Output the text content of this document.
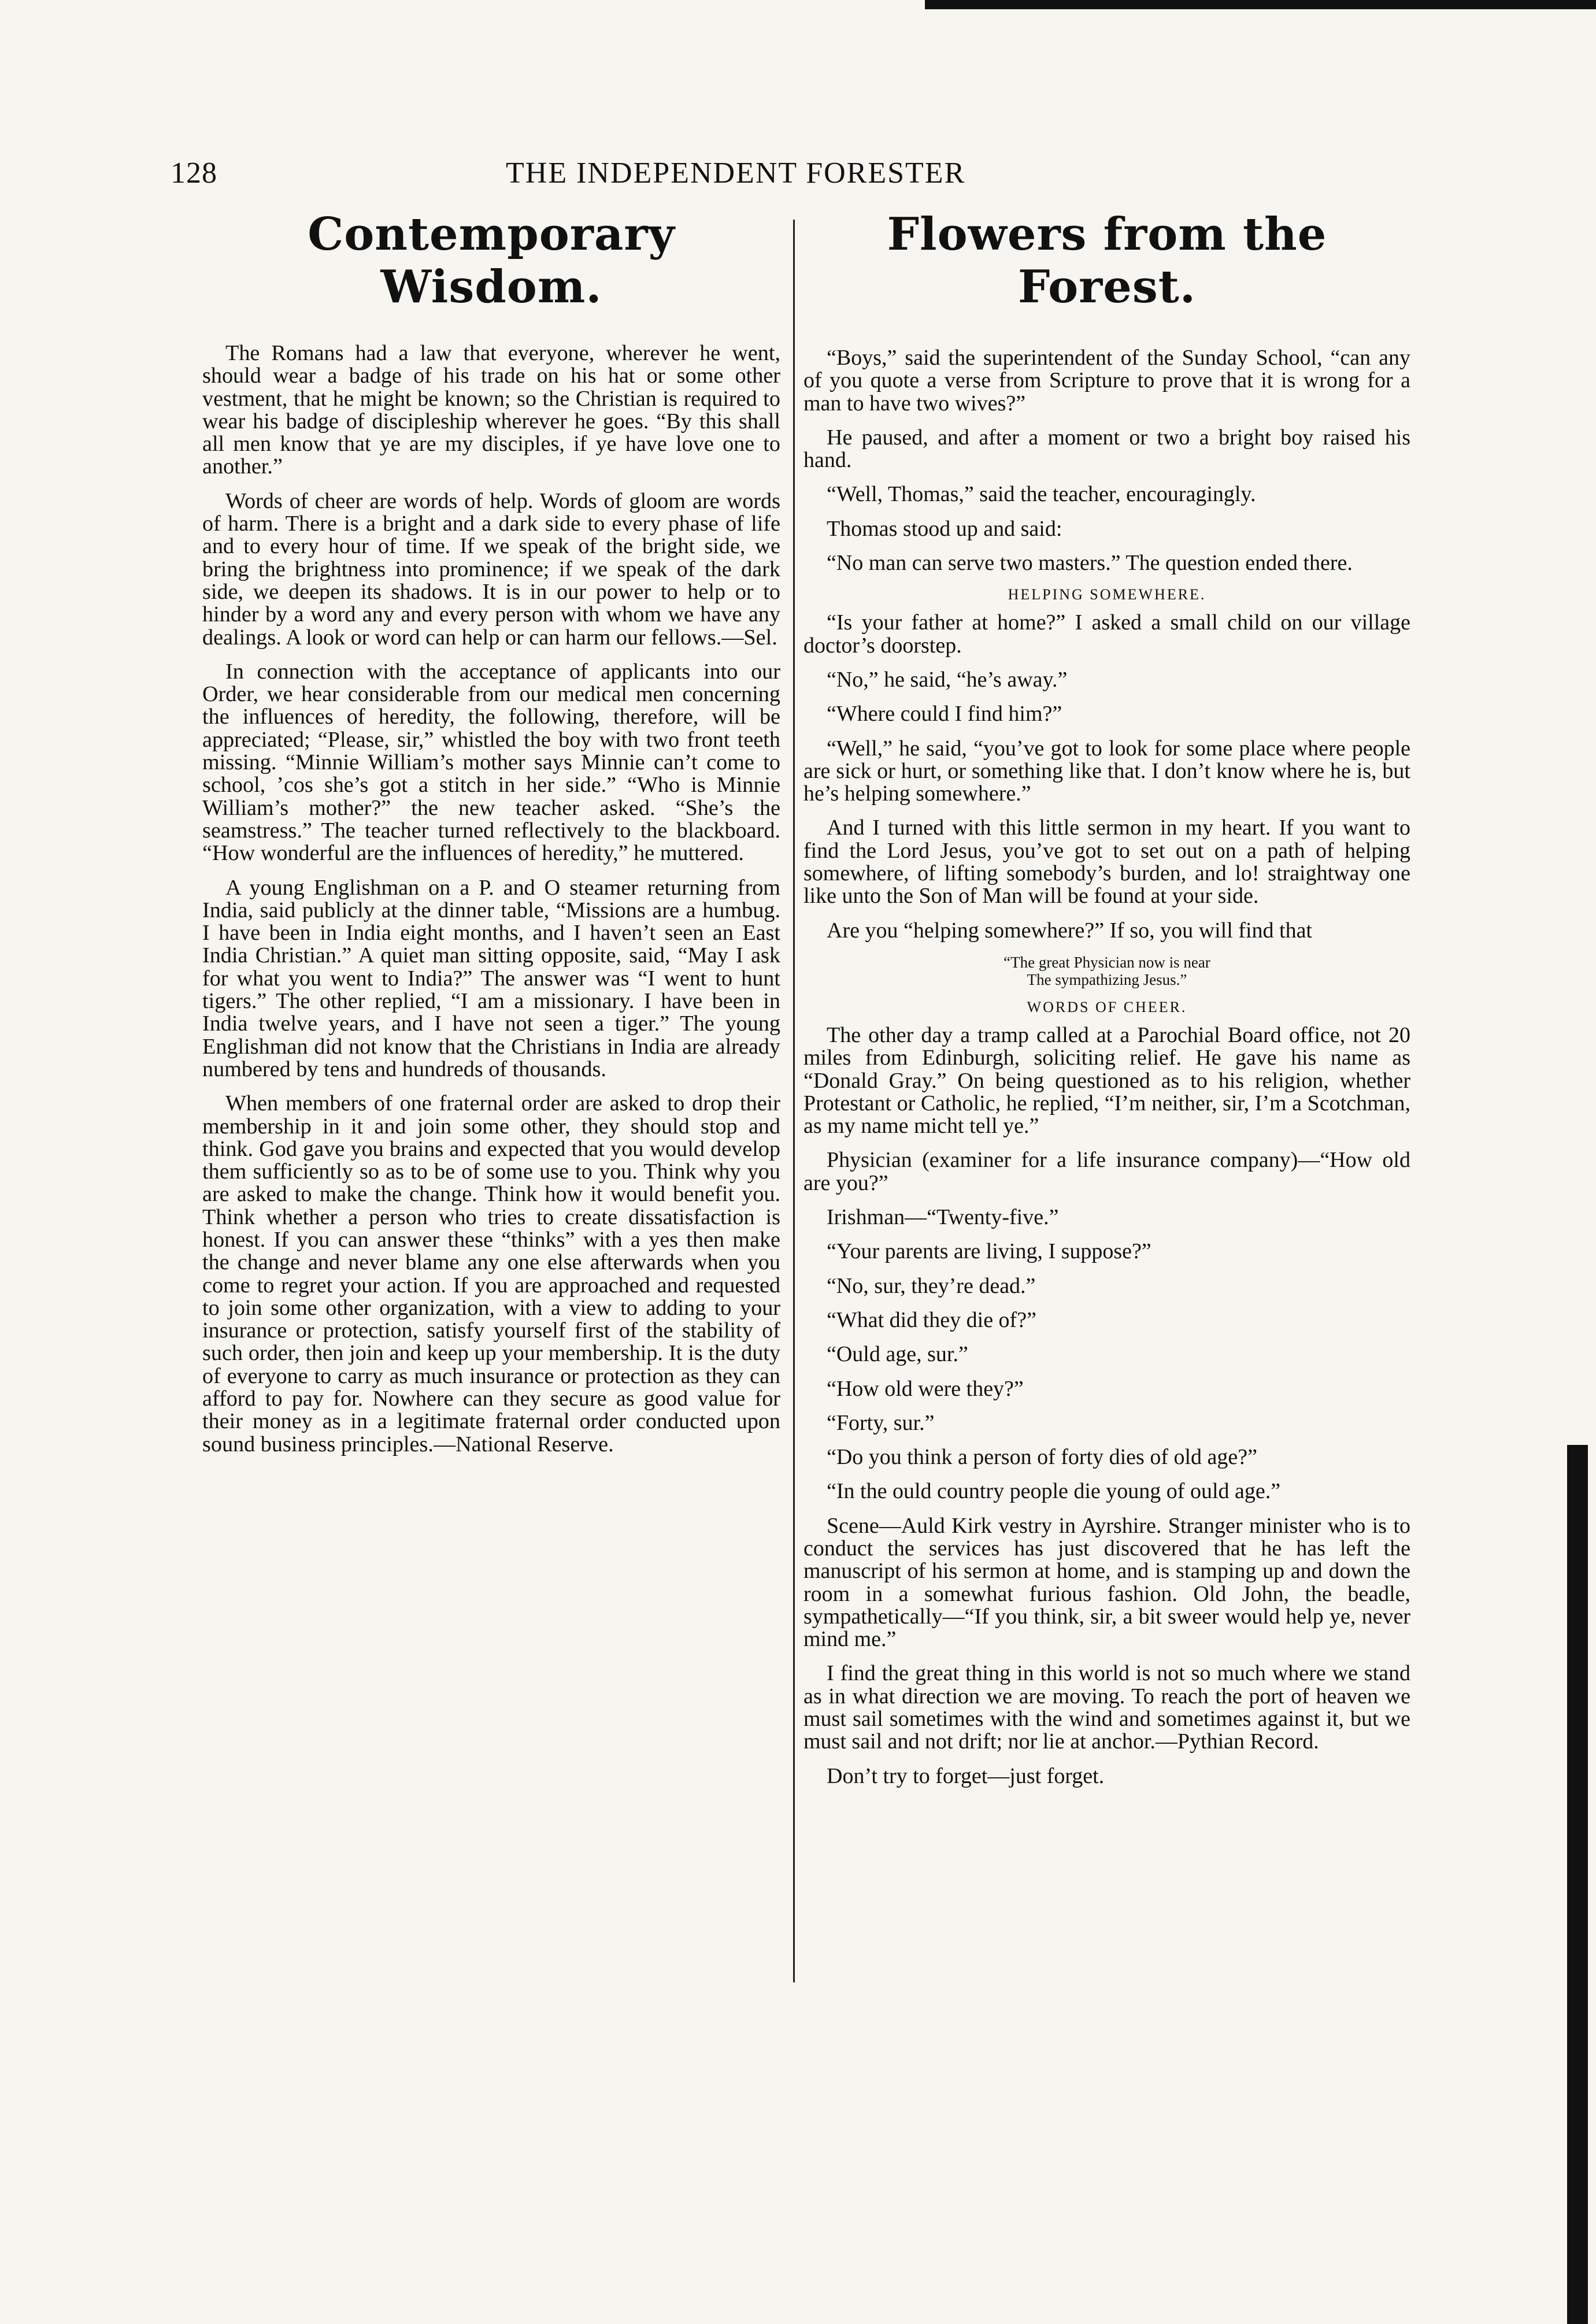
128	THE INDEPENDENT FORESTER
Contemporary Wisdom.

The Romans had a law that everyone, wherever he went, should wear a badge of his trade on his hat or some other vestment, that he might be known; so the Christian is required to wear his badge of discipleship wherever he goes. “By this shall all men know that ye are my disciples, if ye have love one to another.”

Words of cheer are words of help. Words of gloom are words of harm. There is a bright and a dark side to every phase of life and to every hour of time. If we speak of the bright side, we bring the brightness into prominence; if we speak of the dark side, we deepen its shadows. It is in our power to help or to hinder by a word any and every person with whom we have any dealings. A look or word can help or can harm our fellows.—Sel.

In connection with the acceptance of applicants into our Order, we hear considerable from our medical men concerning the influences of heredity, the following, therefore, will be appreciated; “Please, sir,” whistled the boy with two front teeth missing. “Minnie William’s mother says Minnie can’t come to school, ’cos she’s got a stitch in her side.” “Who is Minnie William’s mother?” the new teacher asked. “She’s the seamstress.” The teacher turned reflectively to the blackboard. “How wonderful are the influences of heredity,” he muttered.

A young Englishman on a P. and O steamer returning from India, said publicly at the dinner table, “Missions are a humbug. I have been in India eight months, and I haven’t seen an East India Christian.” A quiet man sitting opposite, said, “May I ask for what you went to India?” The answer was “I went to hunt tigers.” The other replied, “I am a missionary. I have been in India twelve years, and I have not seen a tiger.” The young Englishman did not know that the Christians in India are already numbered by tens and hundreds of thousands.

When members of one fraternal order are asked to drop their membership in it and join some other, they should stop and think. God gave you brains and expected that you would develop them sufficiently so as to be of some use to you. Think why you are asked to make the change. Think how it would benefit you. Think whether a person who tries to create dissatisfaction is honest. If you can answer these “thinks” with a yes then make the change and never blame any one else afterwards when you come to regret your action. If you are approached and requested to join some other organization, with a view to adding to your insurance or protection, satisfy yourself first of the stability of such order, then join and keep up your membership. It is the duty of everyone to carry as much insurance or protection as they can afford to pay for. Nowhere can they secure as good value for their money as in a legitimate fraternal order conducted upon sound business principles.—National Reserve.

Flowers from the Forest.

“Boys,” said the superintendent of the Sunday School, “can any of you quote a verse from Scripture to prove that it is wrong for a man to have two wives?”

He paused, and after a moment or two a bright boy raised his hand.

“Well, Thomas,” said the teacher, encouragingly.

Thomas stood up and said:

“No man can serve two masters.” The question ended there.

HELPING SOMEWHERE.

“Is your father at home?” I asked a small child on our village doctor’s doorstep.

“No,” he said, “he’s away.”

“Where could I find him?”

“Well,” he said, “you’ve got to look for some place where people are sick or hurt, or something like that. I don’t know where he is, but he’s helping somewhere.”

And I turned with this little sermon in my heart. If you want to find the Lord Jesus, you’ve got to set out on a path of helping somewhere, of lifting somebody’s burden, and lo! straightway one like unto the Son of Man will be found at your side.

Are you “helping somewhere?” If so, you will find that

“The great Physician now is near
The sympathizing Jesus.”

WORDS OF CHEER.

The other day a tramp called at a Parochial Board office, not 20 miles from Edinburgh, soliciting relief. He gave his name as “Donald Gray.” On being questioned as to his religion, whether Protestant or Catholic, he replied, “I’m neither, sir, I’m a Scotchman, as my name micht tell ye.”

Physician (examiner for a life insurance company)—“How old are you?”

Irishman—“Twenty-five.”

“Your parents are living, I suppose?”

“No, sur, they’re dead.”

“What did they die of?”

“Ould age, sur.”

“How old were they?”

“Forty, sur.”

“Do you think a person of forty dies of old age?”

“In the ould country people die young of ould age.”

Scene—Auld Kirk vestry in Ayrshire. Stranger minister who is to conduct the services has just discovered that he has left the manuscript of his sermon at home, and is stamping up and down the room in a somewhat furious fashion. Old John, the beadle, sympathetically—“If you think, sir, a bit sweer would help ye, never mind me.”

I find the great thing in this world is not so much where we stand as in what direction we are moving. To reach the port of heaven we must sail sometimes with the wind and sometimes against it, but we must sail and not drift; nor lie at anchor.—Pythian Record.

Don’t try to forget—just forget.
